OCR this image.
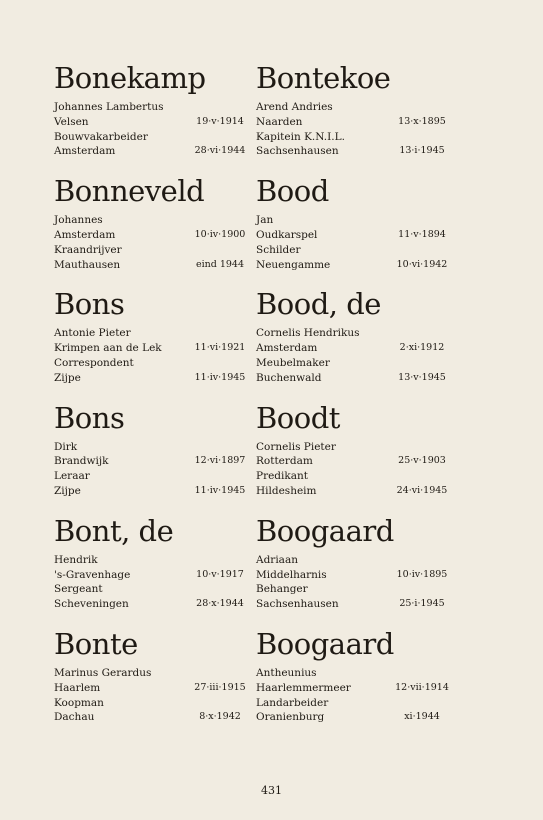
Bonekamp
Johannes Lambertus
Velsen	19·v·1914
Bouwvakarbeider
Amsterdam	28·vi·1944
Bonneveld
Johannes
Amsterdam	10·iv·1900
Kraandrijver
Mauthausen	eind 1944
Bons
Antonie Pieter
Krimpen aan de Lek	11·vi·1921
Correspondent
Zijpe	11·iv·1945
Bons
Dirk
Brandwijk	12·vi·1897
Leraar
Zijpe	11·iv·1945
Bont, de
Hendrik
's-Gravenhage	10·v·1917
Sergeant
Scheveningen	28·x·1944
Bonte
Marinus Gerardus
Haarlem	27·iii·1915
Koopman
Dachau	8·x·1942
Bontekoe
Arend Andries
Naarden	13·x·1895
Kapitein K.N.I.L.
Sachsenhausen	13·i·1945
Bood
Jan
Oudkarspel	11·v·1894
Schilder
Neuengamme	10·vi·1942
Bood, de
Cornelis Hendrikus
Amsterdam	2·xi·1912
Meubelmaker
Buchenwald	13·v·1945
Boodt
Cornelis Pieter
Rotterdam	25·v·1903
Predikant
Hildesheim	24·vi·1945
Boogaard
Adriaan
Middelharnis	10·iv·1895
Behanger
Sachsenhausen	25·i·1945
Boogaard
Antheunius
Haarlemmermeer	12·vii·1914
Landarbeider
Oranienburg	xi·1944
431
